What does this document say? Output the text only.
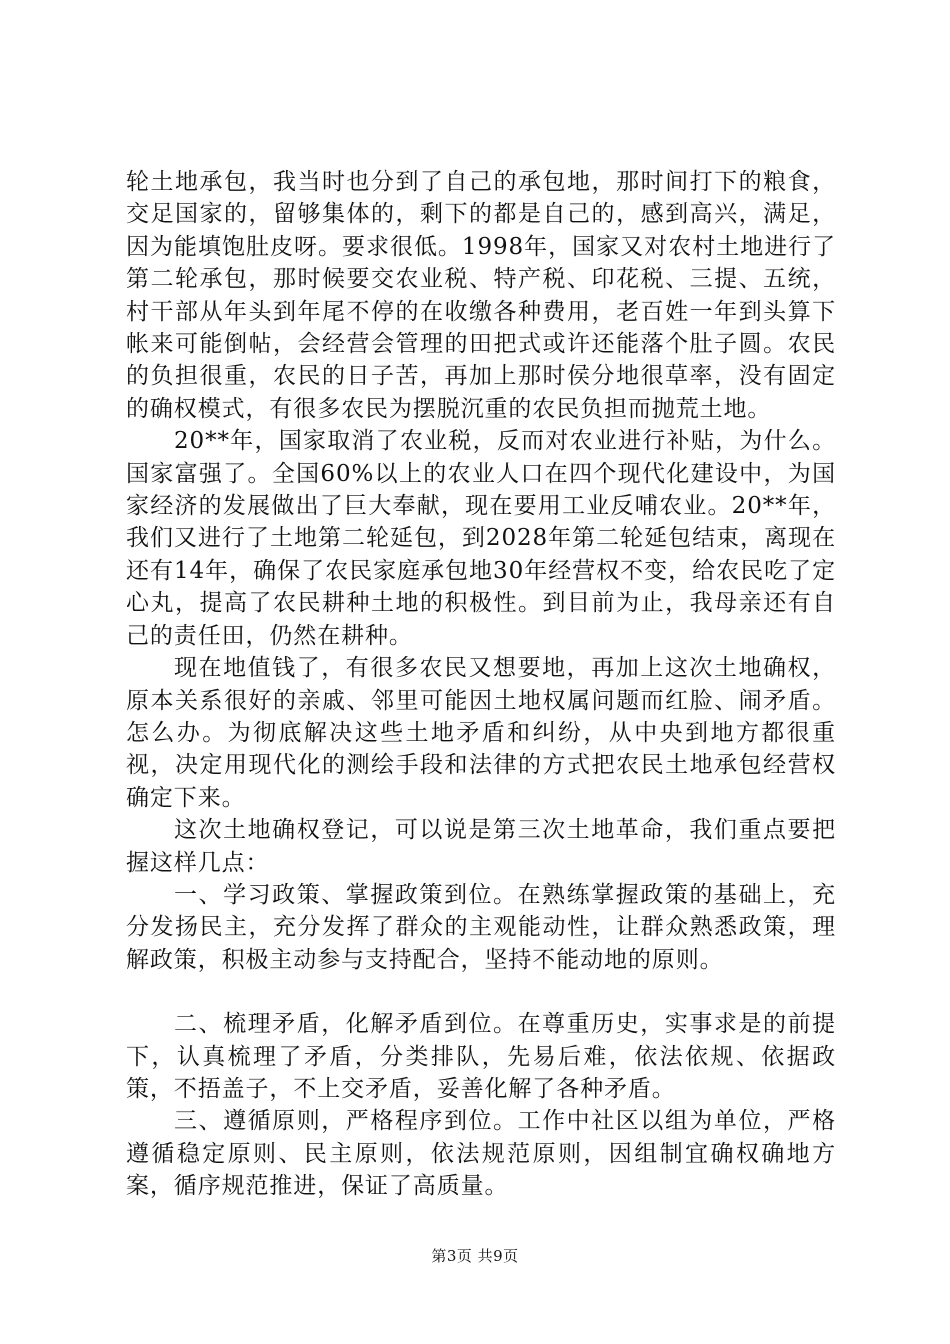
轮土地承包，我当时也分到了自己的承包地，那时间打下的粮食，交足国家的，留够集体的，剩下的都是自己的，感到高兴，满足，因为能填饱肚皮呀。要求很低。1998年，国家又对农村土地进行了第二轮承包，那时候要交农业税、特产税、印花税、三提、五统，村干部从年头到年尾不停的在收缴各种费用，老百姓一年到头算下帐来可能倒帖，会经营会管理的田把式或许还能落个肚子圆。农民的负担很重，农民的日子苦，再加上那时侯分地很草率，没有固定的确权模式，有很多农民为摆脱沉重的农民负担而抛荒土地。

20**年，国家取消了农业税，反而对农业进行补贴，为什么。国家富强了。全国60%以上的农业人口在四个现代化建设中，为国家经济的发展做出了巨大奉献，现在要用工业反哺农业。20**年，我们又进行了土地第二轮延包，到2028年第二轮延包结束，离现在还有14年，确保了农民家庭承包地30年经营权不变，给农民吃了定心丸，提高了农民耕种土地的积极性。到目前为止，我母亲还有自己的责任田，仍然在耕种。

现在地值钱了，有很多农民又想要地，再加上这次土地确权，原本关系很好的亲戚、邻里可能因土地权属问题而红脸、闹矛盾。怎么办。为彻底解决这些土地矛盾和纠纷，从中央到地方都很重视，决定用现代化的测绘手段和法律的方式把农民土地承包经营权确定下来。

这次土地确权登记，可以说是第三次土地革命，我们重点要把握这样几点：

一、学习政策、掌握政策到位。在熟练掌握政策的基础上，充分发扬民主，充分发挥了群众的主观能动性，让群众熟悉政策，理解政策，积极主动参与支持配合，坚持不能动地的原则。

二、梳理矛盾，化解矛盾到位。在尊重历史，实事求是的前提下，认真梳理了矛盾，分类排队，先易后难，依法依规、依据政策，不捂盖子，不上交矛盾，妥善化解了各种矛盾。

三、遵循原则，严格程序到位。工作中社区以组为单位，严格遵循稳定原则、民主原则，依法规范原则，因组制宜确权确地方案，循序规范推进，保证了高质量。

第3页 共9页
